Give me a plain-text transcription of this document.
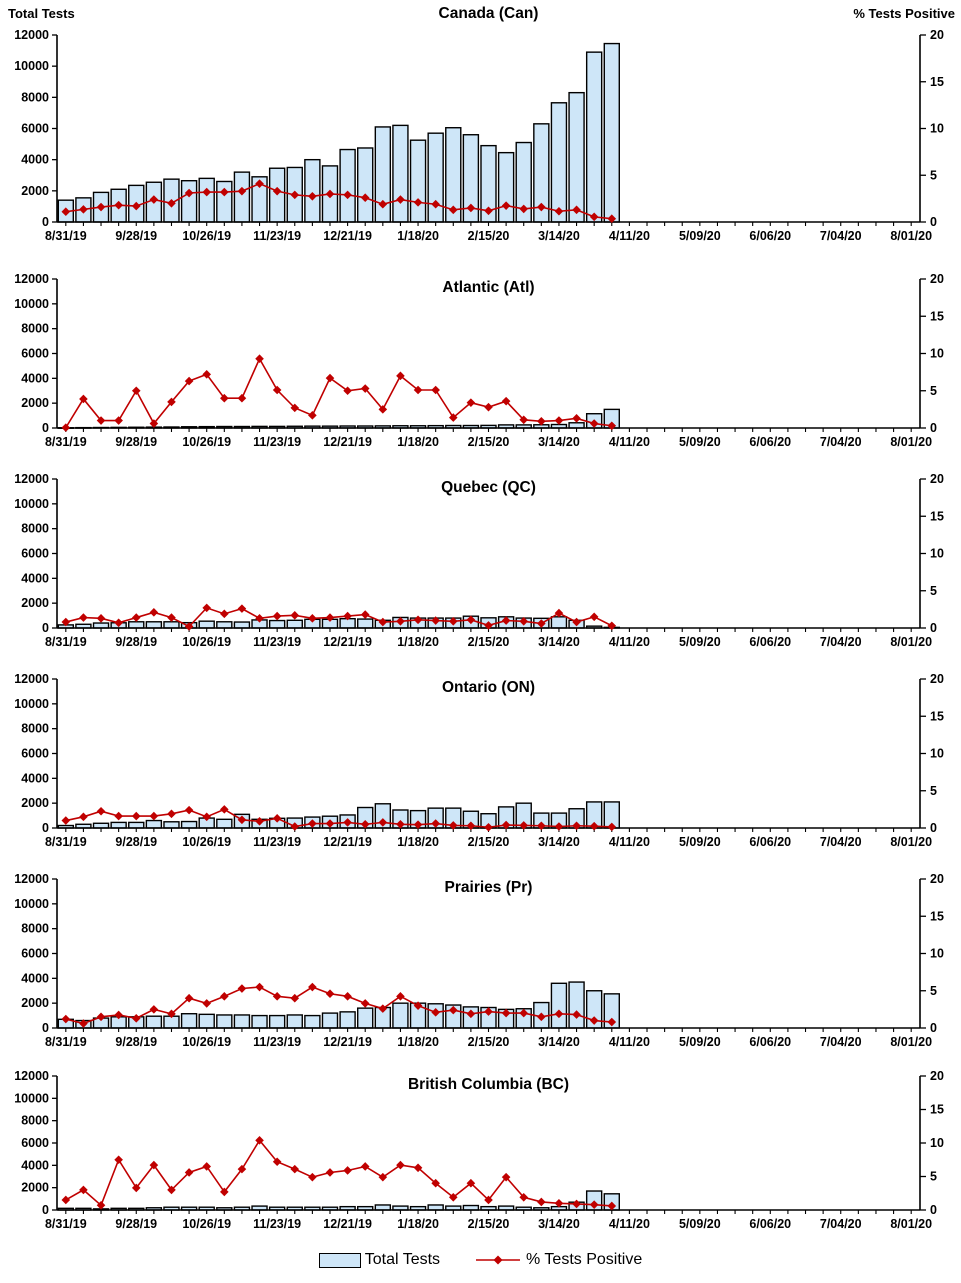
Total Tests	% Tests Positive
0
2000
4000
6000
8000
10000
12000
0
5
10
15
20
8/31/19 9/28/19 10/26/19 11/23/19 12/21/19 1/18/20 2/15/20 3/14/20 4/11/20 5/09/20 6/06/20 7/04/20 8/01/20
Canada (Can)
0
2000
4000
6000
8000
10000
12000
0
5
10
15
20
8/31/19 9/28/19 10/26/19 11/23/19 12/21/19 1/18/20 2/15/20 3/14/20 4/11/20 5/09/20 6/06/20 7/04/20 8/01/20
Atlantic (Atl)
0
2000
4000
6000
8000
10000
12000
0
5
10
15
20
8/31/19 9/28/19 10/26/19 11/23/19 12/21/19 1/18/20 2/15/20 3/14/20 4/11/20 5/09/20 6/06/20 7/04/20 8/01/20
Quebec (QC)
0
2000
4000
6000
8000
10000
12000
0
5
10
15
20
8/31/19 9/28/19 10/26/19 11/23/19 12/21/19 1/18/20 2/15/20 3/14/20 4/11/20 5/09/20 6/06/20 7/04/20 8/01/20
Ontario (ON)
0
2000
4000
6000
8000
10000
12000
0
5
10
15
20
8/31/19 9/28/19 10/26/19 11/23/19 12/21/19 1/18/20 2/15/20 3/14/20 4/11/20 5/09/20 6/06/20 7/04/20 8/01/20
Prairies (Pr)
0
2000
4000
6000
8000
10000
12000
0
5
10
15
20
8/31/19 9/28/19 10/26/19 11/23/19 12/21/19 1/18/20 2/15/20 3/14/20 4/11/20 5/09/20 6/06/20 7/04/20 8/01/20
British Columbia (BC)
Total Tests	% Tests Positive
